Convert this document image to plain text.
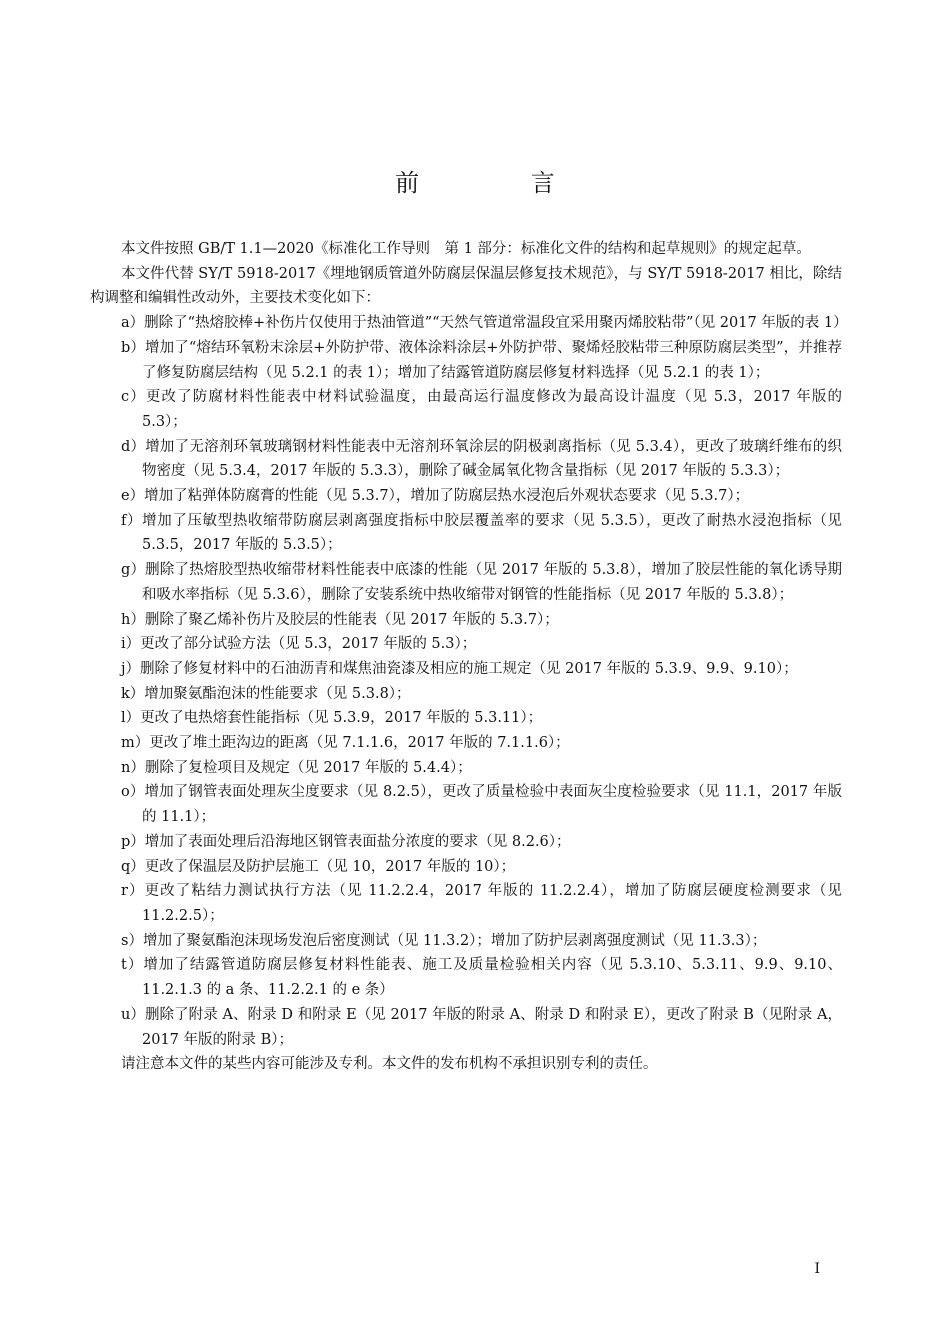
前 言

本文件按照 GB/T 1.1—2020《标准化工作导则　第 1 部分：标准化文件的结构和起草规则》的规定起草。

本文件代替 SY/T 5918-2017《埋地钢质管道外防腐层保温层修复技术规范》，与 SY/T 5918-2017 相比，除结构调整和编辑性改动外，主要技术变化如下：

a）删除了“热熔胶棒+补伤片仅使用于热油管道”“天然气管道常温段宜采用聚丙烯胶粘带”（见 2017 年版的表 1）

b）增加了“熔结环氧粉末涂层+外防护带、液体涂料涂层+外防护带、聚烯烃胶粘带三种原防腐层类型”，并推荐了修复防腐层结构（见 5.2.1 的表 1）；增加了结露管道防腐层修复材料选择（见 5.2.1 的表 1）；

c）更改了防腐材料性能表中材料试验温度，由最高运行温度修改为最高设计温度（见 5.3，2017 年版的 5.3）；

d）增加了无溶剂环氧玻璃钢材料性能表中无溶剂环氧涂层的阴极剥离指标（见 5.3.4），更改了玻璃纤维布的织物密度（见 5.3.4，2017 年版的 5.3.3），删除了碱金属氧化物含量指标（见 2017 年版的 5.3.3）；

e）增加了粘弹体防腐膏的性能（见 5.3.7），增加了防腐层热水浸泡后外观状态要求（见 5.3.7）；

f）增加了压敏型热收缩带防腐层剥离强度指标中胶层覆盖率的要求（见 5.3.5），更改了耐热水浸泡指标（见 5.3.5，2017 年版的 5.3.5）；

g）删除了热熔胶型热收缩带材料性能表中底漆的性能（见 2017 年版的 5.3.8），增加了胶层性能的氧化诱导期和吸水率指标（见 5.3.6），删除了安装系统中热收缩带对钢管的性能指标（见 2017 年版的 5.3.8）；

h）删除了聚乙烯补伤片及胶层的性能表（见 2017 年版的 5.3.7）；

i）更改了部分试验方法（见 5.3，2017 年版的 5.3）；

j）删除了修复材料中的石油沥青和煤焦油瓷漆及相应的施工规定（见 2017 年版的 5.3.9、9.9、9.10）；

k）增加聚氨酯泡沫的性能要求（见 5.3.8）；

l）更改了电热熔套性能指标（见 5.3.9，2017 年版的 5.3.11）；

m）更改了堆土距沟边的距离（见 7.1.1.6，2017 年版的 7.1.1.6）；

n）删除了复检项目及规定（见 2017 年版的 5.4.4）；

o）增加了钢管表面处理灰尘度要求（见 8.2.5），更改了质量检验中表面灰尘度检验要求（见 11.1，2017 年版的 11.1）；

p）增加了表面处理后沿海地区钢管表面盐分浓度的要求（见 8.2.6）；

q）更改了保温层及防护层施工（见 10，2017 年版的 10）；

r）更改了粘结力测试执行方法（见 11.2.2.4，2017 年版的 11.2.2.4），增加了防腐层硬度检测要求（见 11.2.2.5）；

s）增加了聚氨酯泡沫现场发泡后密度测试（见 11.3.2）；增加了防护层剥离强度测试（见 11.3.3）；

t）增加了结露管道防腐层修复材料性能表、施工及质量检验相关内容（见 5.3.10、5.3.11、9.9、9.10、11.2.1.3 的 a 条、11.2.2.1 的 e 条）

u）删除了附录 A、附录 D 和附录 E（见 2017 年版的附录 A、附录 D 和附录 E），更改了附录 B（见附录 A，2017 年版的附录 B）；

请注意本文件的某些内容可能涉及专利。本文件的发布机构不承担识别专利的责任。

I
